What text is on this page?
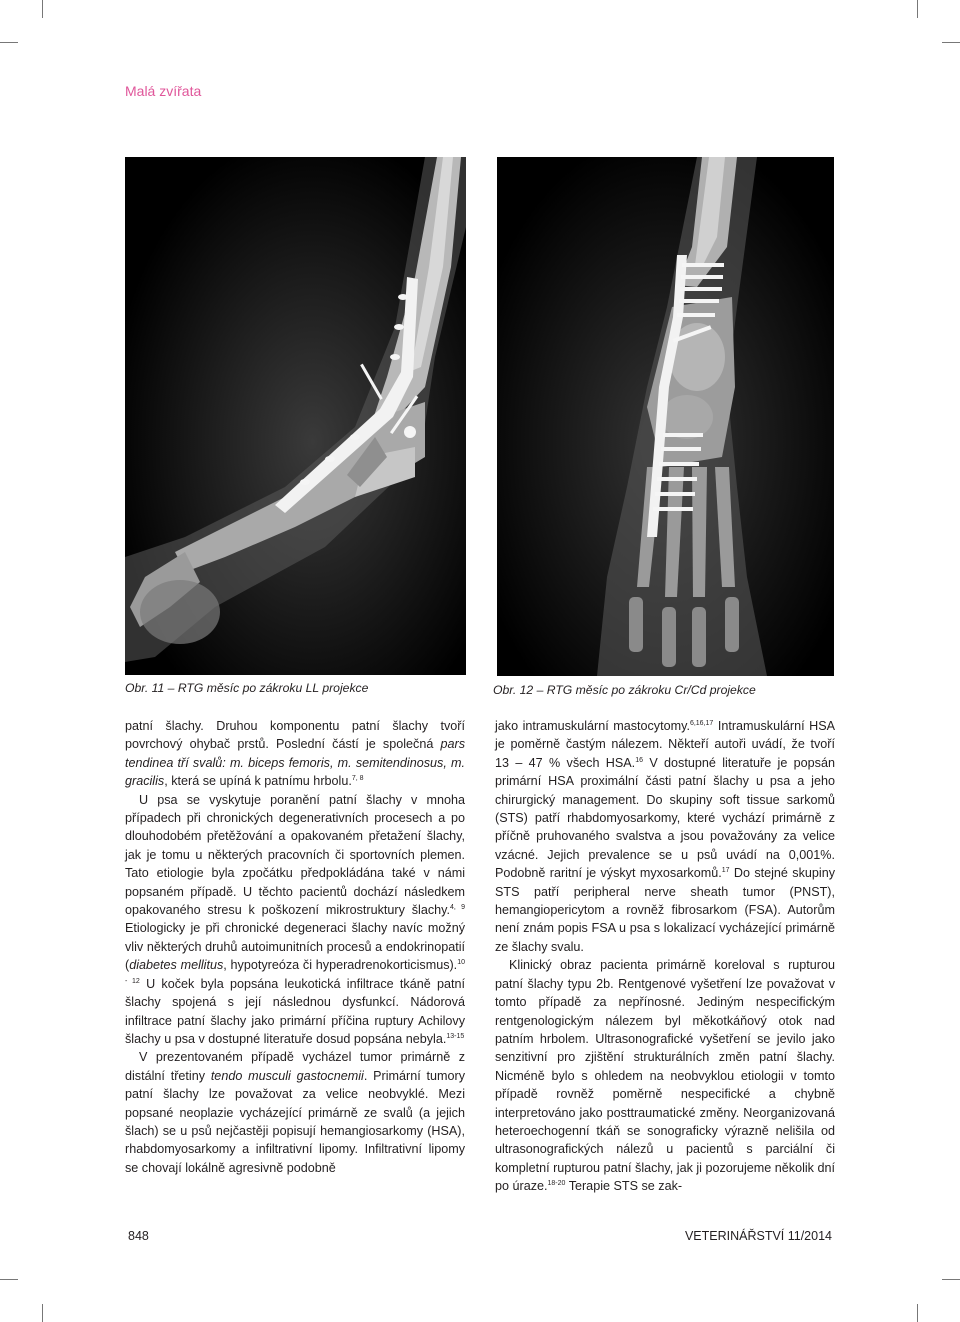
Malá zvířata
Obr. 11 – RTG měsíc po zákroku LL projekce	Obr. 12 – RTG měsíc po zákroku Cr/Cd projekce

patní šlachy. Druhou komponentu patní šlachy tvoří povrchový ohybač prstů. Poslední částí je společná pars tendinea tří svalů: m. biceps femoris, m. semitendinosus, m. gracilis, která se upíná k patnímu hrbolu.$^{7, 8}$

U psa se vyskytuje poranění patní šlachy v mnoha případech při chronických degenerativních procesech a po dlouhodobém přetěžování a opakovaném přetažení šlachy, jak je tomu u některých pracovních či sportovních plemen. Tato etiologie byla zpočátku předpokládána také v námi popsaném případě. U těchto pacientů dochází následkem opakovaného stresu k poškození mikrostruktury šlachy.$^{4, 9}$ Etiologicky je při chronické degeneraci šlachy navíc možný vliv některých druhů autoimunitních procesů a endokrinopatií (diabetes mellitus, hypotyreóza či hyperadrenokorticismus).$^{10 - 12}$ U koček byla popsána leukotická infiltrace tkáně patní šlachy spojená s její následnou dysfunkcí. Nádorová infiltrace patní šlachy jako primární příčina ruptury Achilovy šlachy u psa v dostupné literatuře dosud popsána nebyla.$^{13-15}$

V prezentovaném případě vycházel tumor primárně z distální třetiny tendo musculi gastocnemii. Primární tumory patní šlachy lze považovat za velice neobvyklé. Mezi popsané neoplazie vycházející primárně ze svalů (a jejich šlach) se u psů nejčastěji popisují hemangiosarkomy (HSA), rhabdomyosarkomy a infiltrativní lipomy. Infiltrativní lipomy se chovají lokálně agresivně podobně

jako intramuskulární mastocytomy.$^{6,16,17}$ Intramuskulární HSA je poměrně častým nálezem. Někteří autoři uvádí, že tvoří 13 – 47 % všech HSA.$^{16}$ V dostupné literatuře je popsán primární HSA proximální části patní šlachy u psa a jeho chirurgický management. Do skupiny soft tissue sarkomů (STS) patří rhabdomyosarkomy, které vychází primárně z příčně pruhovaného svalstva a jsou považovány za velice vzácné. Jejich prevalence se u psů uvádí na 0,001%. Podobně raritní je výskyt myxosarkomů.$^{17}$ Do stejné skupiny STS patří peripheral nerve sheath tumor (PNST), hemangiopericytom a rovněž fibrosarkom (FSA). Autorům není znám popis FSA u psa s lokalizací vycházející primárně ze šlachy svalu.

Klinický obraz pacienta primárně koreloval s rupturou patní šlachy typu 2b. Rentgenové vyšetření lze považovat v tomto případě za nepřínosné. Jediným nespecifickým rentgenologickým nálezem byl měkotkáňový otok nad patním hrbolem. Ultrasonografické vyšetření se jevilo jako senzitivní pro zjištění strukturálních změn patní šlachy. Nicméně bylo s ohledem na neobvyklou etiologii v tomto případě rovněž poměrně nespecifické a chybně interpretováno jako posttraumatické změny. Neorganizovaná heteroechogenní tkáň se sonograficky výrazně nelišila od ultrasonografických nálezů u pacientů s parciální či kompletní rupturou patní šlachy, jak ji pozorujeme několik dní po úraze.$^{18-20}$ Terapie STS se zak-

848	VETERINÁŘSTVÍ 11/2014
